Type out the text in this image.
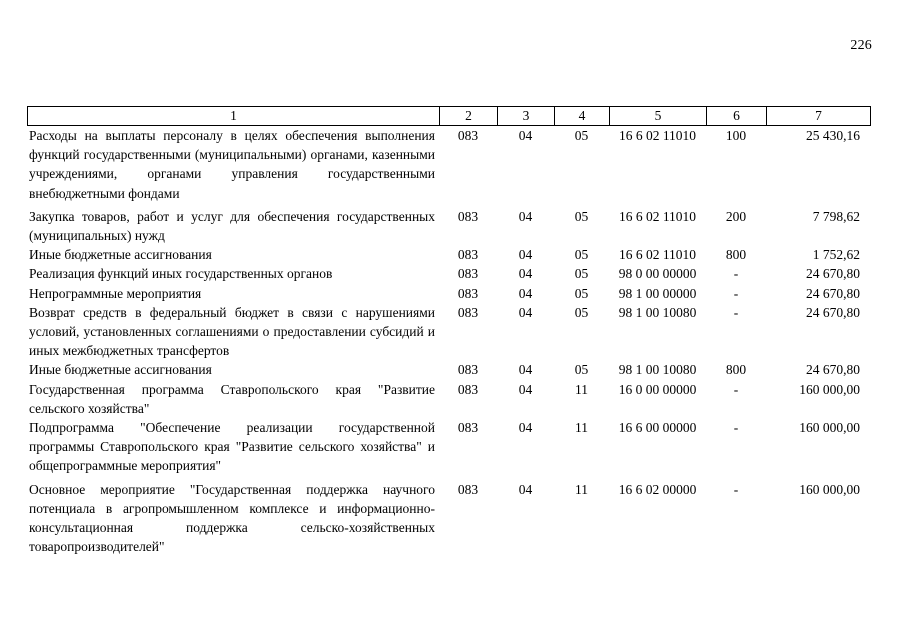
226
1	2	3	4	5	6	7
Расходы на выплаты персоналу в целях обеспечения выполнения функций государственными (муниципальными) органами, казенными учреждениями, органами управления государственными внебюджетными фондами	083	04	05	16 6 02 11010	100	25 430,16
Закупка товаров, работ и услуг для обеспечения государственных (муниципальных) нужд	083	04	05	16 6 02 11010	200	7 798,62
Иные бюджетные ассигнования	083	04	05	16 6 02 11010	800	1 752,62
Реализация функций иных государственных органов	083	04	05	98 0 00 00000	-	24 670,80
Непрограммные мероприятия	083	04	05	98 1 00 00000	-	24 670,80
Возврат средств в федеральный бюджет в связи с нарушениями условий, установленных соглашениями о предоставлении субсидий и иных межбюджетных трансфертов	083	04	05	98 1 00 10080	-	24 670,80
Иные бюджетные ассигнования	083	04	05	98 1 00 10080	800	24 670,80
Государственная программа Ставропольского края "Развитие сельского хозяйства"	083	04	11	16 0 00 00000	-	160 000,00
Подпрограмма "Обеспечение реализации государственной программы Ставропольского края "Развитие сельского хозяйства" и общепрограммные мероприятия"	083	04	11	16 6 00 00000	-	160 000,00
Основное мероприятие "Государственная поддержка научного потенциала в агропромышленном комплексе и информационно-консультационная поддержка сельско-хозяйственных товаропроизводителей"	083	04	11	16 6 02 00000	-	160 000,00
